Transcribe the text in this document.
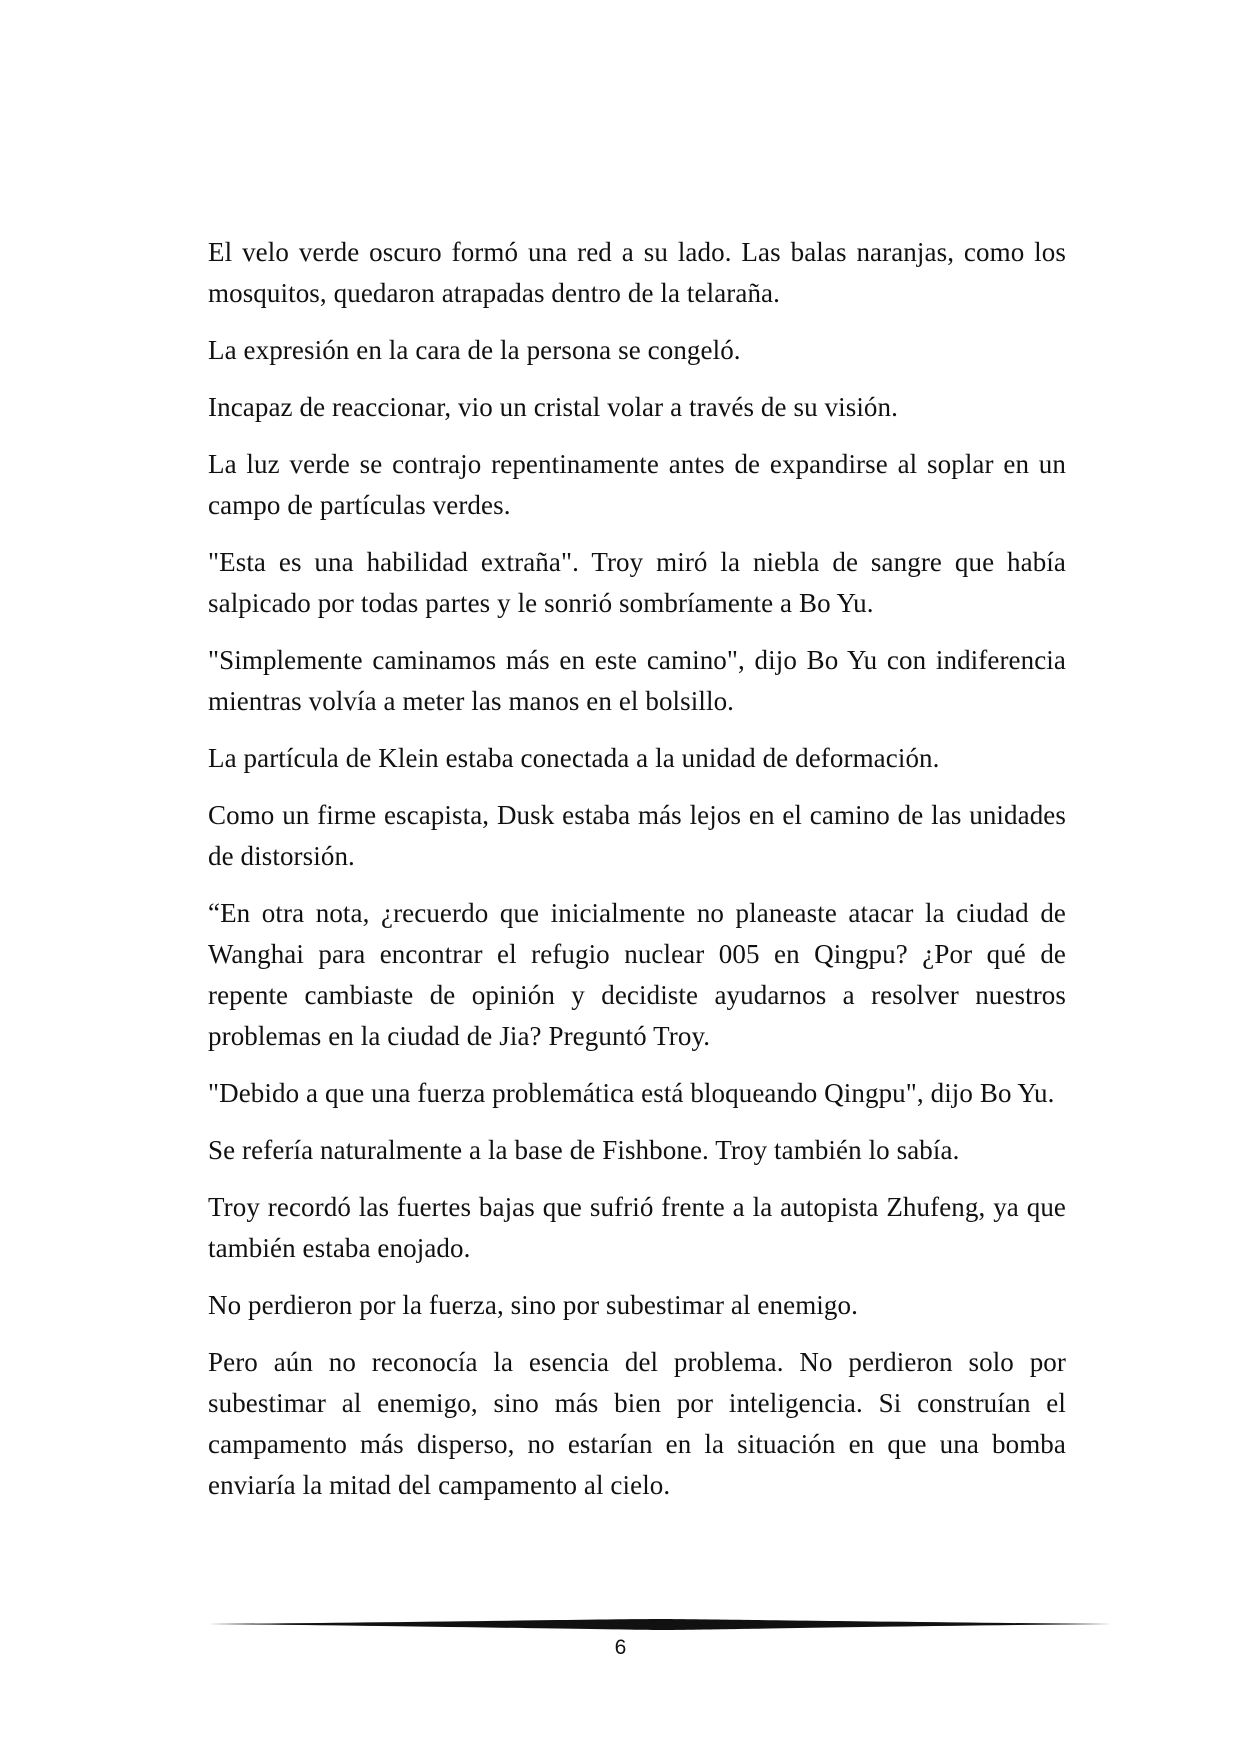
El velo verde oscuro formó una red a su lado. Las balas naranjas, como los mosquitos, quedaron atrapadas dentro de la telaraña.

La expresión en la cara de la persona se congeló.

Incapaz de reaccionar, vio un cristal volar a través de su visión.

La luz verde se contrajo repentinamente antes de expandirse al soplar en un campo de partículas verdes.

"Esta es una habilidad extraña". Troy miró la niebla de sangre que había salpicado por todas partes y le sonrió sombríamente a Bo Yu.

"Simplemente caminamos más en este camino", dijo Bo Yu con indiferencia mientras volvía a meter las manos en el bolsillo.

La partícula de Klein estaba conectada a la unidad de deformación.

Como un firme escapista, Dusk estaba más lejos en el camino de las unidades de distorsión.

“En otra nota, ¿recuerdo que inicialmente no planeaste atacar la ciudad de Wanghai para encontrar el refugio nuclear 005 en Qingpu? ¿Por qué de repente cambiaste de opinión y decidiste ayudarnos a resolver nuestros problemas en la ciudad de Jia? Preguntó Troy.

"Debido a que una fuerza problemática está bloqueando Qingpu", dijo Bo Yu.

Se refería naturalmente a la base de Fishbone. Troy también lo sabía.

Troy recordó las fuertes bajas que sufrió frente a la autopista Zhufeng, ya que también estaba enojado.

No perdieron por la fuerza, sino por subestimar al enemigo.

Pero aún no reconocía la esencia del problema. No perdieron solo por subestimar al enemigo, sino más bien por inteligencia. Si construían el campamento más disperso, no estarían en la situación en que una bomba enviaría la mitad del campamento al cielo.

6
